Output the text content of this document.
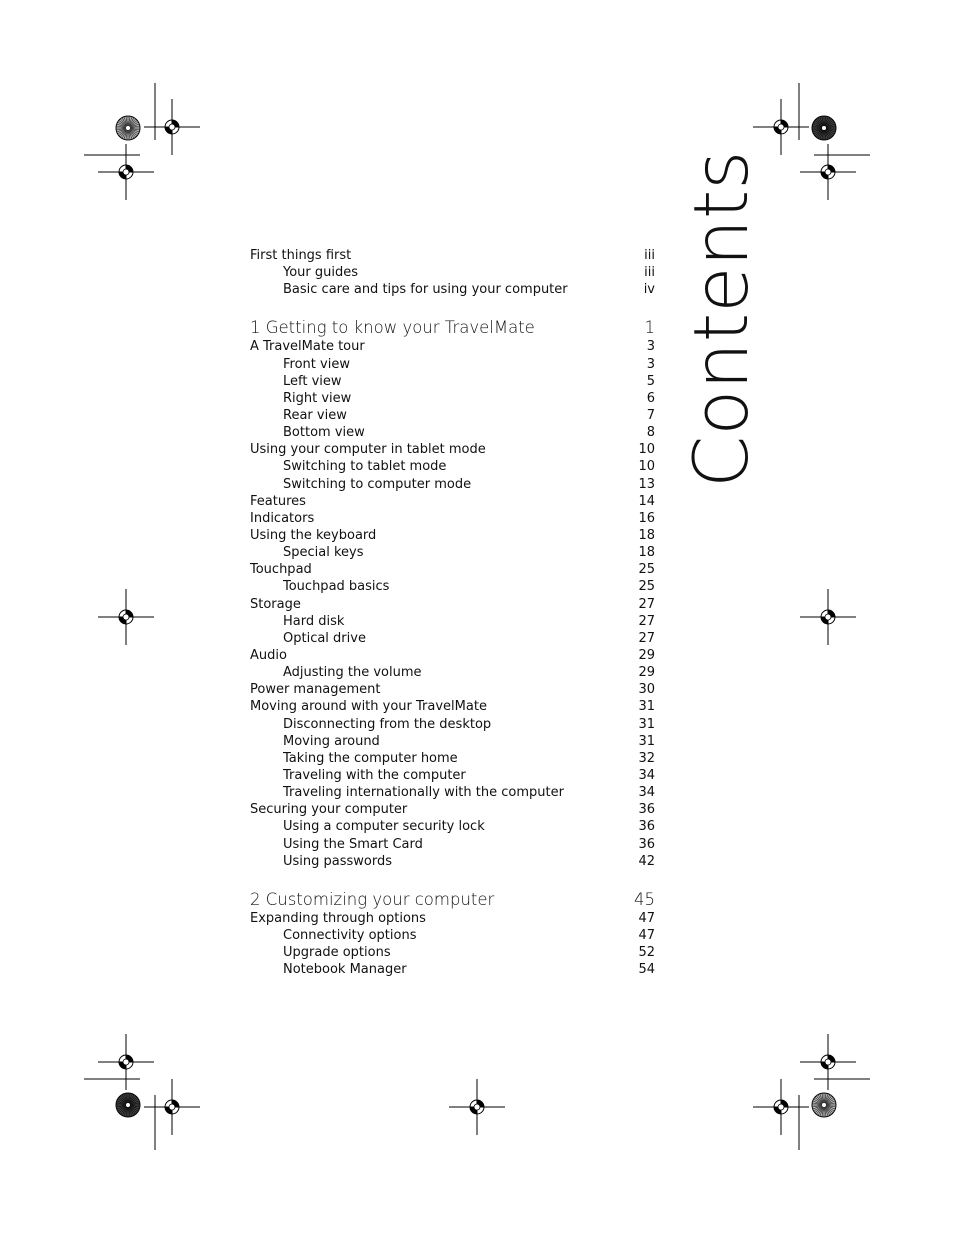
Contents
First things first	iii
Your guides	iii
Basic care and tips for using your computer	iv
1 Getting to know your TravelMate	1
A TravelMate tour	3
Front view	3
Left view	5
Right view	6
Rear view	7
Bottom view	8
Using your computer in tablet mode	10
Switching to tablet mode	10
Switching to computer mode	13
Features	14
Indicators	16
Using the keyboard	18
Special keys	18
Touchpad	25
Touchpad basics	25
Storage	27
Hard disk	27
Optical drive	27
Audio	29
Adjusting the volume	29
Power management	30
Moving around with your TravelMate	31
Disconnecting from the desktop	31
Moving around	31
Taking the computer home	32
Traveling with the computer	34
Traveling internationally with the computer	34
Securing your computer	36
Using a computer security lock	36
Using the Smart Card	36
Using passwords	42
2 Customizing your computer	45
Expanding through options	47
Connectivity options	47
Upgrade options	52
Notebook Manager	54
